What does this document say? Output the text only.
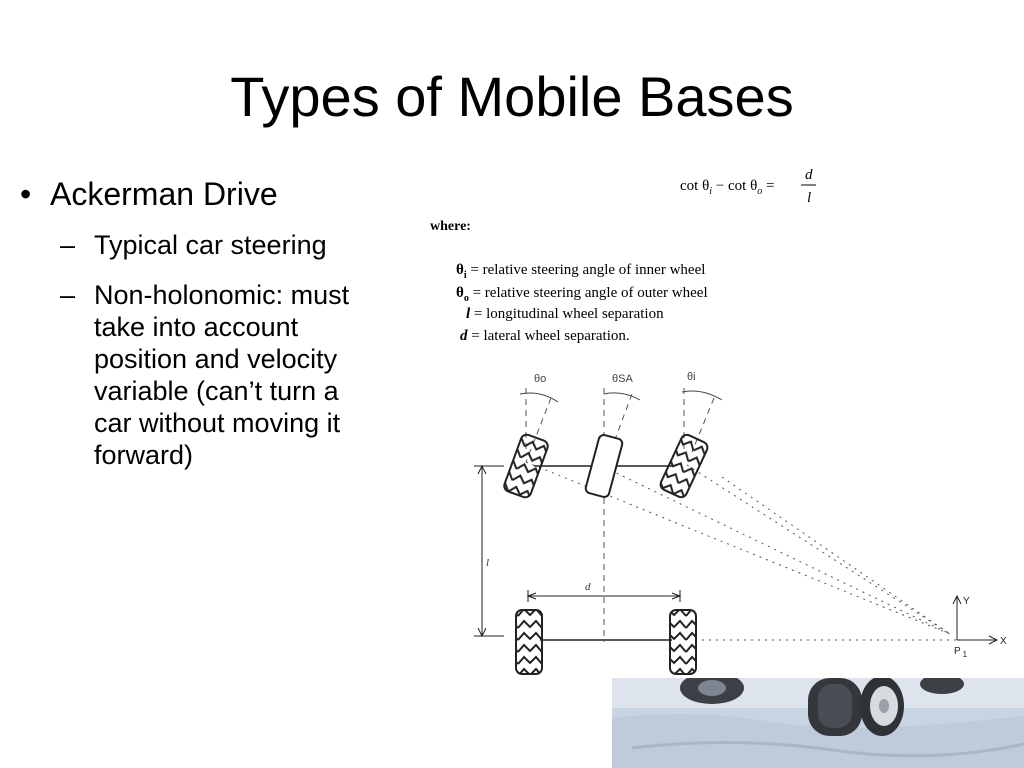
Types of Mobile Bases
• Ackerman Drive
– Typical car steering
– Non-holonomic: must
take into account
position and velocity
variable (can’t turn a
car without moving it
forward)
$\cot \theta_i - \cot \theta_o$ =
d
l
where:
$\theta_i$ = relative steering angle of inner wheel
$\theta_o$ = relative steering angle of outer wheel
l = longitudinal wheel separation
d = lateral wheel separation.
θo	θSA	θi
l
d
Y
X
P $_1$
